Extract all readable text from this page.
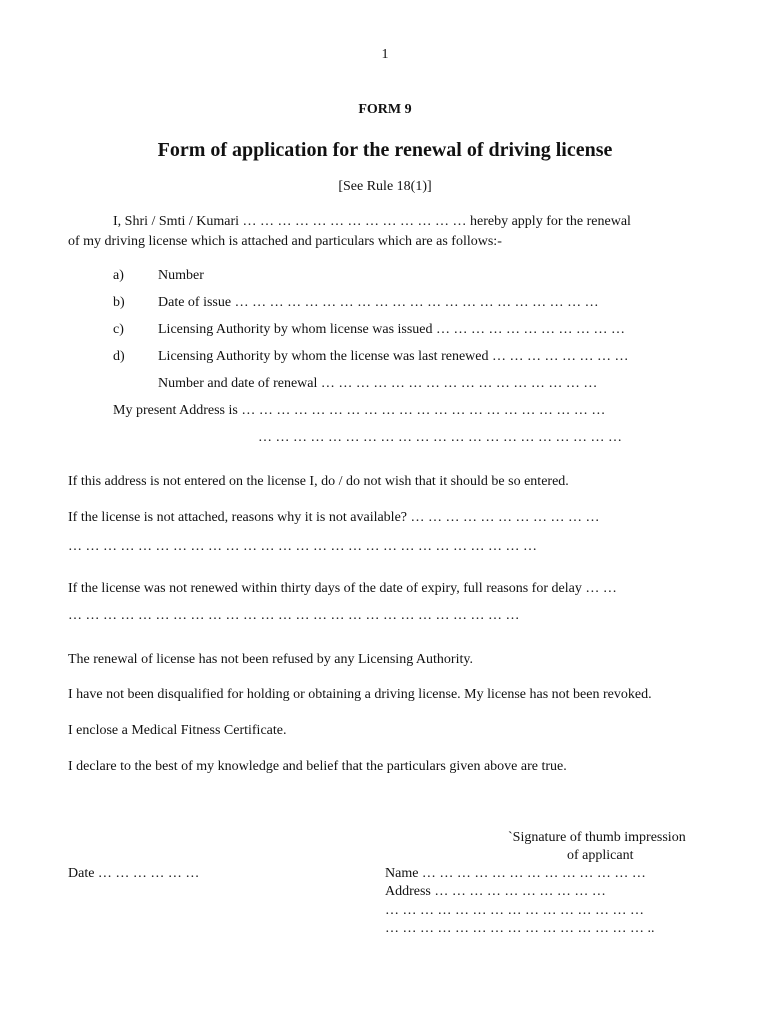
1
FORM 9
Form of application for the renewal of driving license
[See Rule 18(1)]
I, Shri / Smti / Kumari … … … … … … … … … … … … … hereby apply for the renewal
of my driving license which is attached and particulars which are as follows:-
a) Number
b) Date of issue … … … … … … … … … … … … … … … … … … … … …
c) Licensing Authority by whom license was issued … … … … … … … … … … …
d) Licensing Authority by whom the license was last renewed … … … … … … … …
Number and date of renewal … … … … … … … … … … … … … … … …
My present Address is … … … … … … … … … … … … … … … … … … … … …
… … … … … … … … … … … … … … … … … … … … …
If this address is not entered on the license I, do / do not wish that it should be so entered.
If the license is not attached, reasons why it is not available? … … … … … … … … … … …
… … … … … … … … … … … … … … … … … … … … … … … … … … …
If the license was not renewed within thirty days of the date of expiry, full reasons for delay … …
… … … … … … … … … … … … … … … … … … … … … … … … … …
The renewal of license has not been refused by any Licensing Authority.
I have not been disqualified for holding or obtaining a driving license. My license has not been revoked.
I enclose a Medical Fitness Certificate.
I declare to the best of my knowledge and belief that the particulars given above are true.
`Signature of thumb impression
of applicant
Date … … … … … …	Name … … … … … … … … … … … … …
Address … … … … … … … … … …
… … … … … … … … … … … … … … …
… … … … … … … … … … … … … … … ..
